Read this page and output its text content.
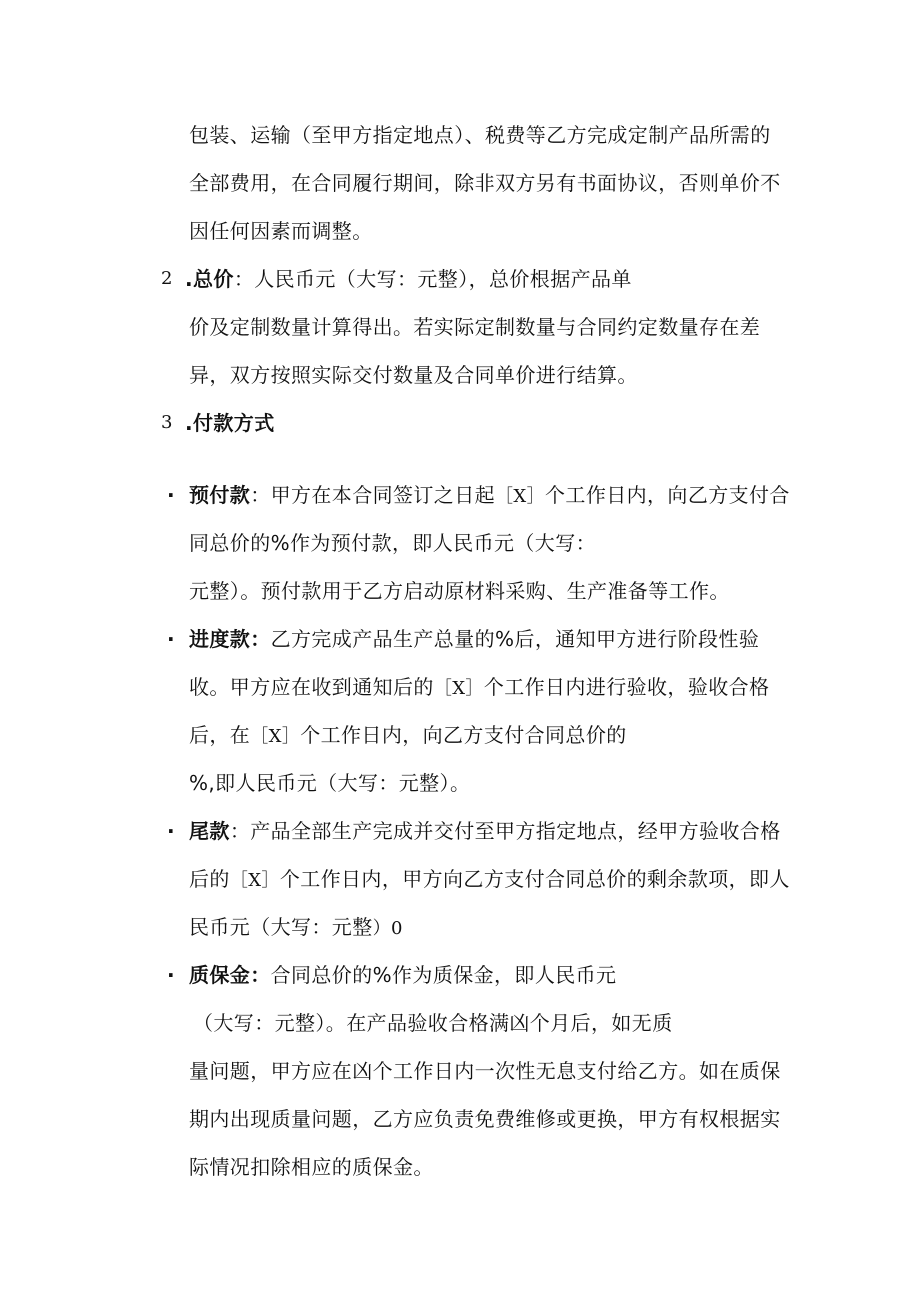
包装、运输（至甲方指定地点）、税费等乙方完成定制产品所需的
全部费用，在合同履行期间，除非双方另有书面协议，否则单价不
因任何因素而调整。
2 .总价：人民币元（大写：元整），总价根据产品单
价及定制数量计算得出。若实际定制数量与合同约定数量存在差
异，双方按照实际交付数量及合同单价进行结算。
3 .付款方式
· 预付款：甲方在本合同签订之日起［X］个工作日内，向乙方支付合
同总价的%作为预付款，即人民币元（大写：
元整）。预付款用于乙方启动原材料采购、生产准备等工作。
· 进度款：乙方完成产品生产总量的%后，通知甲方进行阶段性验
收。甲方应在收到通知后的［X］个工作日内进行验收，验收合格
后，在［X］个工作日内，向乙方支付合同总价的
%,即人民币元（大写：元整）。
· 尾款：产品全部生产完成并交付至甲方指定地点，经甲方验收合格
后的［X］个工作日内，甲方向乙方支付合同总价的剩余款项，即人
民币元（大写：元整）0
· 质保金：合同总价的%作为质保金，即人民币元
（大写：元整）。在产品验收合格满凶个月后，如无质
量问题，甲方应在凶个工作日内一次性无息支付给乙方。如在质保
期内出现质量问题，乙方应负责免费维修或更换，甲方有权根据实
际情况扣除相应的质保金。
